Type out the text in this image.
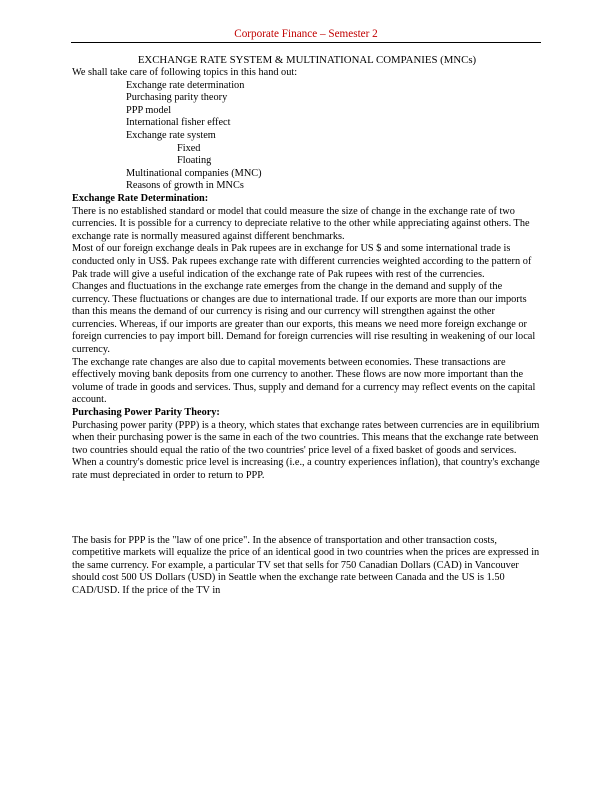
Corporate Finance – Semester 2

EXCHANGE RATE SYSTEM & MULTINATIONAL COMPANIES (MNCs)

We shall take care of following topics in this hand out:

Exchange rate determination
Purchasing parity theory
PPP model
International fisher effect
Exchange rate system
Fixed
Floating
Multinational companies (MNC)
Reasons of growth in MNCs

Exchange Rate Determination:

There is no established standard or model that could measure the size of change in the exchange rate of two currencies. It is possible for a currency to depreciate relative to the other while appreciating against others. The exchange rate is normally measured against different benchmarks.

Most of our foreign exchange deals in Pak rupees are in exchange for US $ and some international trade is conducted only in US$. Pak rupees exchange rate with different currencies weighted according to the pattern of Pak trade will give a useful indication of the exchange rate of Pak rupees with rest of the currencies.

Changes and fluctuations in the exchange rate emerges from the change in the demand and supply of the currency. These fluctuations or changes are due to international trade. If our exports are more than our imports than this means the demand of our currency is rising and our currency will strengthen against the other currencies. Whereas, if our imports are greater than our exports, this means we need more foreign exchange or foreign currencies to pay import bill. Demand for foreign currencies will rise resulting in weakening of our local currency.

The exchange rate changes are also due to capital movements between economies. These transactions are effectively moving bank deposits from one currency to another. These flows are now more important than the volume of trade in goods and services. Thus, supply and demand for a currency may reflect events on the capital account.

Purchasing Power Parity Theory:

Purchasing power parity (PPP) is a theory, which states that exchange rates between currencies are in equilibrium when their purchasing power is the same in each of the two countries. This means that the exchange rate between two countries should equal the ratio of the two countries' price level of a fixed basket of goods and services. When a country's domestic price level is increasing (i.e., a country experiences inflation), that country's exchange rate must depreciated in order to return to PPP.

The basis for PPP is the "law of one price". In the absence of transportation and other transaction costs, competitive markets will equalize the price of an identical good in two countries when the prices are expressed in the same currency. For example, a particular TV set that sells for 750 Canadian Dollars (CAD) in Vancouver should cost 500 US Dollars (USD) in Seattle when the exchange rate between Canada and the US is 1.50 CAD/USD. If the price of the TV in
